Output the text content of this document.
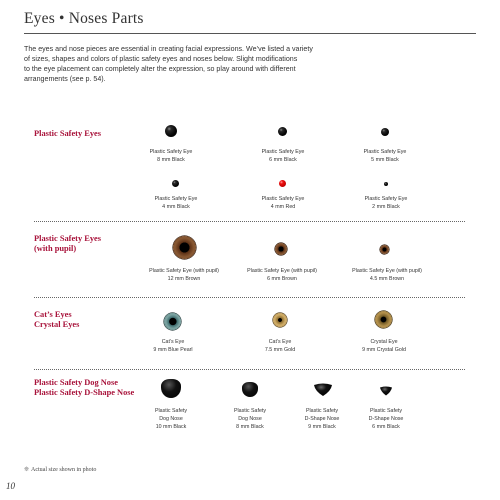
Eyes • Noses Parts
The eyes and nose pieces are essential in creating facial expressions. We’ve listed a variety
of sizes, shapes and colors of plastic safety eyes and noses below. Slight modifications
to the eye placement can completely alter the expression, so play around with different
arrangements (see p. 54).
Plastic Safety Eyes
Plastic Safety Eye
8 mm Black
Plastic Safety Eye
6 mm Black
Plastic Safety Eye
5 mm Black
Plastic Safety Eye
4 mm Black
Plastic Safety Eye
4 mm Red
Plastic Safety Eye
2 mm Black
Plastic Safety Eyes
(with pupil)
Plastic Safety Eye (with pupil)
12 mm Brown
Plastic Safety Eye (with pupil)
6 mm Brown
Plastic Safety Eye (with pupil)
4.5 mm Brown
Cat’s Eyes
Crystal Eyes
Cat’s Eye
9 mm Blue Pearl
Cat’s Eye
7.5 mm Gold
Crystal Eye
9 mm Crystal Gold
Plastic Safety Dog Nose
Plastic Safety D-Shape Nose
Plastic Safety
Dog Nose
10 mm Black
Plastic Safety
Dog Nose
8 mm Black
Plastic Safety
D-Shape Nose
9 mm Black
Plastic Safety
D-Shape Nose
6 mm Black
❊ Actual size shown in photo
10
